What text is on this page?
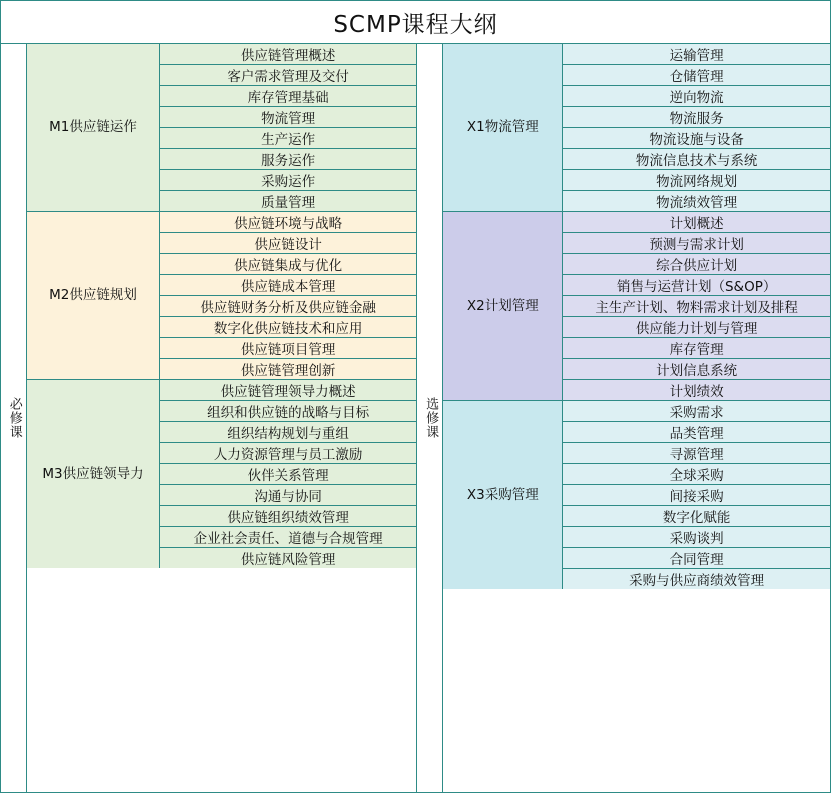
SCMP课程大纲
必修课
M1供应链运作
供应链管理概述
客户需求管理及交付
库存管理基础
物流管理
生产运作
服务运作
采购运作
质量管理
M2供应链规划
供应链环境与战略
供应链设计
供应链集成与优化
供应链成本管理
供应链财务分析及供应链金融
数字化供应链技术和应用
供应链项目管理
供应链管理创新
M3供应链领导力
供应链管理领导力概述
组织和供应链的战略与目标
组织结构规划与重组
人力资源管理与员工激励
伙伴关系管理
沟通与协同
供应链组织绩效管理
企业社会责任、道德与合规管理
供应链风险管理
选修课
X1物流管理
运输管理
仓储管理
逆向物流
物流服务
物流设施与设备
物流信息技术与系统
物流网络规划
物流绩效管理
X2计划管理
计划概述
预测与需求计划
综合供应计划
销售与运营计划（S&OP）
主生产计划、物料需求计划及排程
供应能力计划与管理
库存管理
计划信息系统
计划绩效
X3采购管理
采购需求
品类管理
寻源管理
全球采购
间接采购
数字化赋能
采购谈判
合同管理
采购与供应商绩效管理
